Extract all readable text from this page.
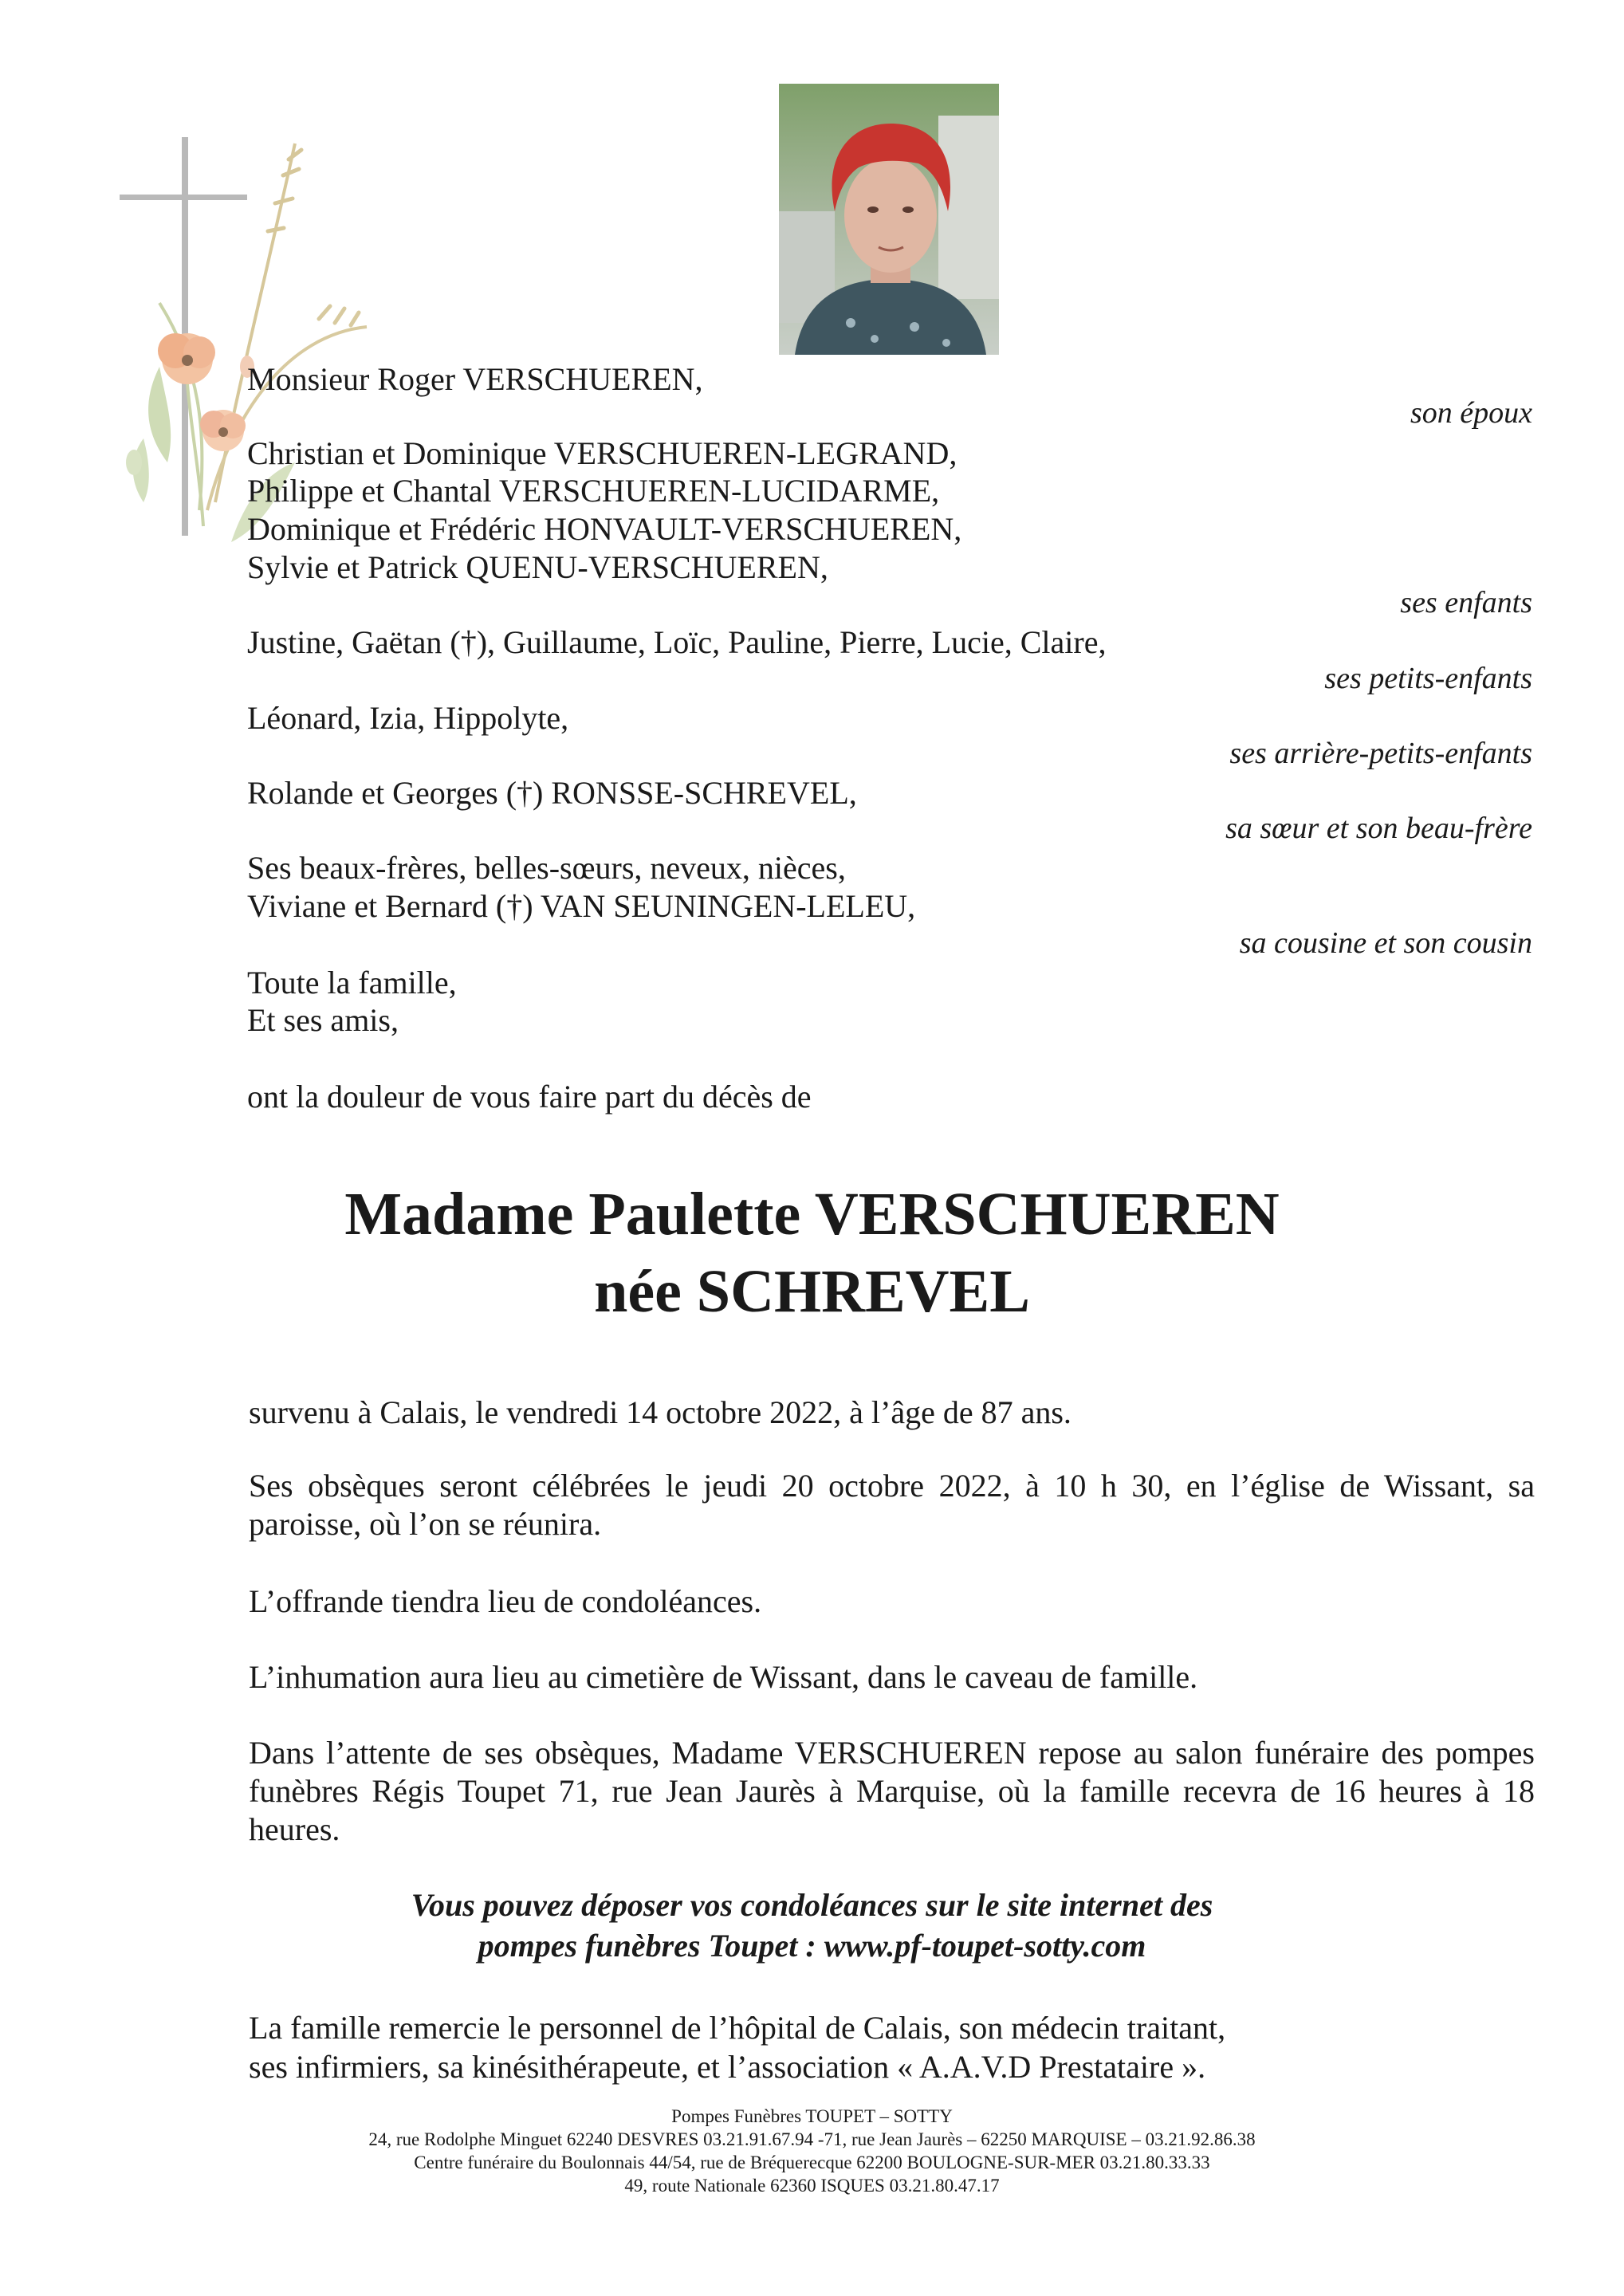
Monsieur Roger VERSCHUEREN,
son époux
Christian et Dominique VERSCHUEREN-LEGRAND,
Philippe et Chantal VERSCHUEREN-LUCIDARME,
Dominique et Frédéric HONVAULT-VERSCHUEREN,
Sylvie et Patrick QUENU-VERSCHUEREN,
ses enfants
Justine, Gaëtan (†), Guillaume, Loïc, Pauline, Pierre, Lucie, Claire,
ses petits-enfants
Léonard, Izia, Hippolyte,
ses arrière-petits-enfants
Rolande et Georges (†) RONSSE-SCHREVEL,
sa sœur et son beau-frère
Ses beaux-frères, belles-sœurs, neveux, nièces,
Viviane et Bernard (†) VAN SEUNINGEN-LELEU,
sa cousine et son cousin
Toute la famille,
Et ses amis,
ont la douleur de vous faire part du décès de
Madame Paulette VERSCHUEREN
née SCHREVEL
survenu à Calais, le vendredi 14 octobre 2022, à l’âge de 87 ans.
Ses obsèques seront célébrées le jeudi 20 octobre 2022, à 10 h 30, en l’église de Wissant, sa paroisse, où l’on se réunira.
L’offrande tiendra lieu de condoléances.
L’inhumation aura lieu au cimetière de Wissant, dans le caveau de famille.
Dans l’attente de ses obsèques, Madame VERSCHUEREN repose au salon funéraire des pompes funèbres Régis Toupet 71, rue Jean Jaurès à Marquise, où la famille recevra de 16 heures à 18 heures.
Vous pouvez déposer vos condoléances sur le site internet des
pompes funèbres Toupet : www.pf-toupet-sotty.com
La famille remercie le personnel de l’hôpital de Calais, son médecin traitant,
ses infirmiers, sa kinésithérapeute, et l’association « A.A.V.D Prestataire ».
Pompes Funèbres TOUPET – SOTTY
24, rue Rodolphe Minguet 62240 DESVRES 03.21.91.67.94 -71, rue Jean Jaurès – 62250 MARQUISE – 03.21.92.86.38
Centre funéraire du Boulonnais 44/54, rue de Bréquerecque 62200 BOULOGNE-SUR-MER 03.21.80.33.33
49, route Nationale 62360 ISQUES 03.21.80.47.17
